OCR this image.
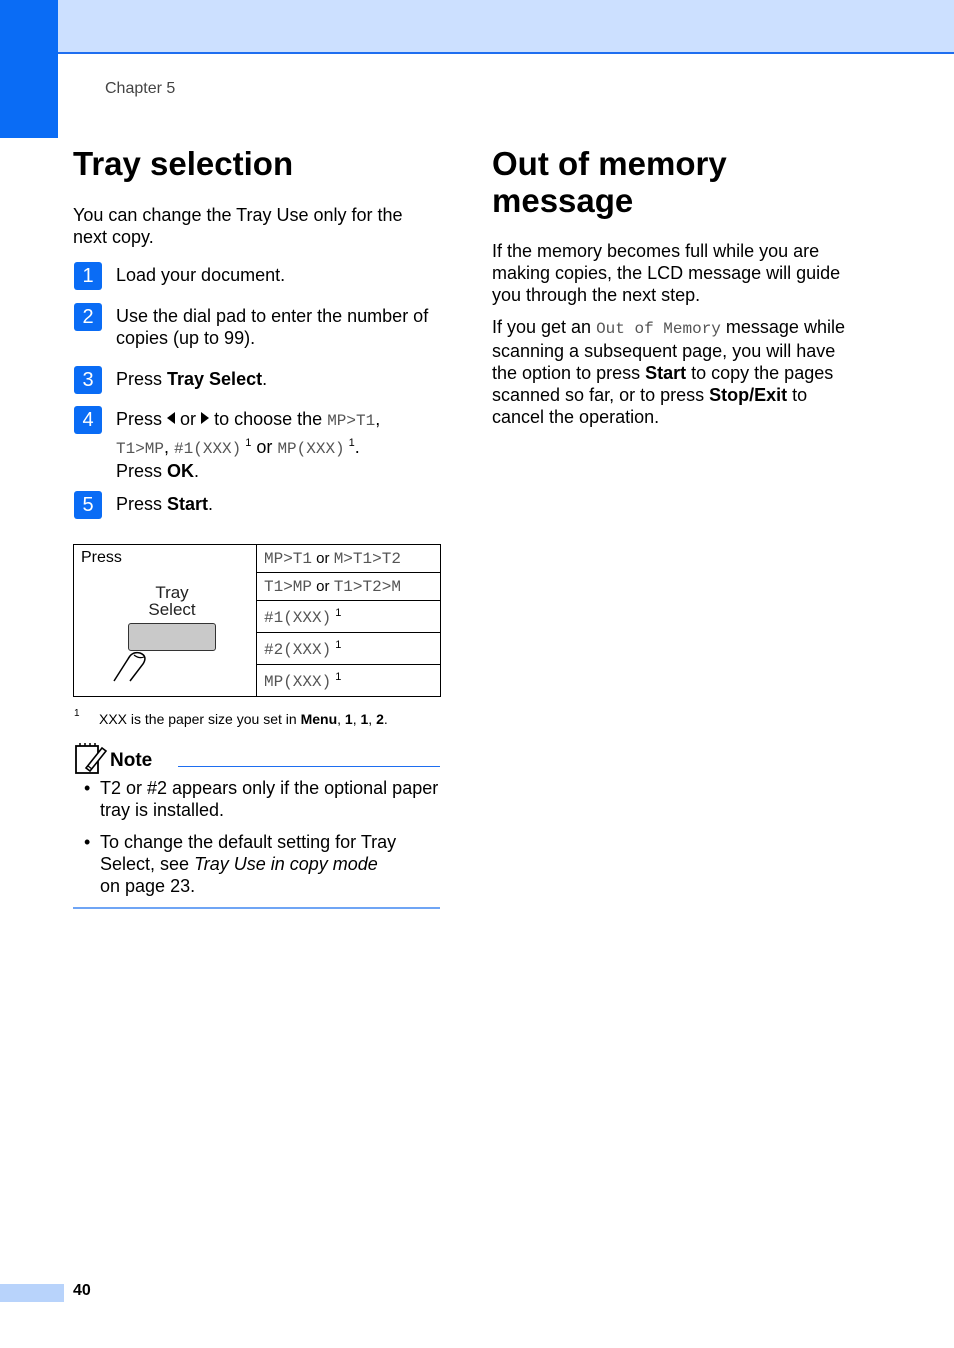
Chapter 5
Tray selection
You can change the Tray Use only for the next copy.
1	Load your document.
2	Use the dial pad to enter the number of copies (up to 99).
3	Press Tray Select.
4	Press or to choose the MP>T1,
T1>MP, #1(XXX) $^1$ or MP(XXX) $^1$.
Press OK.
5	Press Start.
Press
Tray
Select
	MP>T1 or M>T1>T2
T1>MP or T1>T2>M
#1(XXX) $^1$
#2(XXX) $^1$
MP(XXX) $^1$
1 XXX is the paper size you set in Menu, 1, 1, 2.
Note
• T2 or #2 appears only if the optional paper tray is installed.
• To change the default setting for Tray Select, see Tray Use in copy mode
on page 23.
Out of memory
message
If the memory becomes full while you are making copies, the LCD message will guide you through the next step.
If you get an Out of Memory message while scanning a subsequent page, you will have the option to press Start to copy the pages scanned so far, or to press Stop/Exit to cancel the operation.
40
